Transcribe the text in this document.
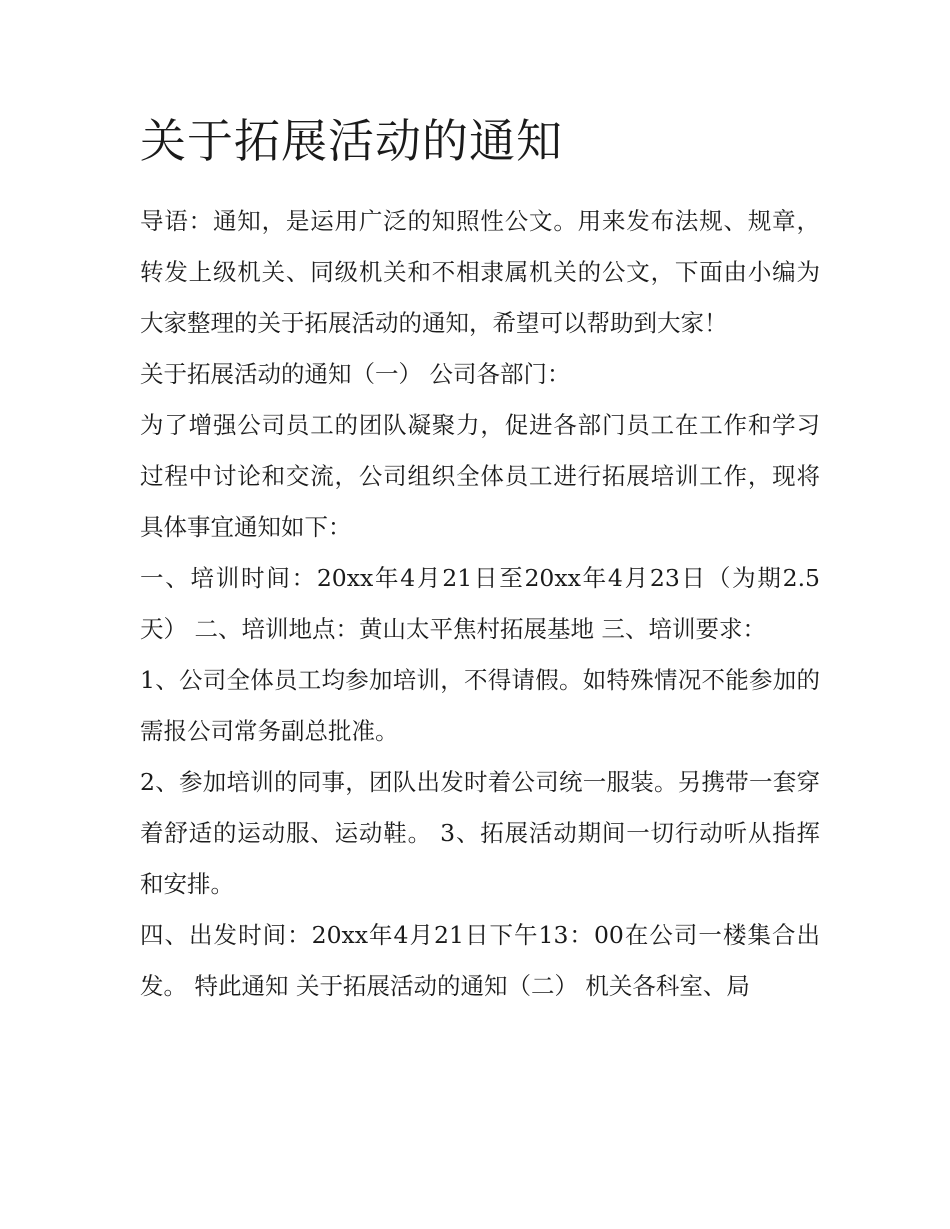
关于拓展活动的通知

导语：通知，是运用广泛的知照性公文。用来发布法规、规章，转发上级机关、同级机关和不相隶属机关的公文，下面由小编为大家整理的关于拓展活动的通知，希望可以帮助到大家！

关于拓展活动的通知（一） 公司各部门：

为了增强公司员工的团队凝聚力，促进各部门员工在工作和学习过程中讨论和交流，公司组织全体员工进行拓展培训工作，现将具体事宜通知如下：

一、培训时间：20xx年4月21日至20xx年4月23日（为期2.5天） 二、培训地点：黄山太平焦村拓展基地 三、培训要求：

1、公司全体员工均参加培训，不得请假。如特殊情况不能参加的需报公司常务副总批准。

2、参加培训的同事，团队出发时着公司统一服装。另携带一套穿着舒适的运动服、运动鞋。 3、拓展活动期间一切行动听从指挥和安排。

四、出发时间：20xx年4月21日下午13：00在公司一楼集合出发。 特此通知 关于拓展活动的通知（二） 机关各科室、局
